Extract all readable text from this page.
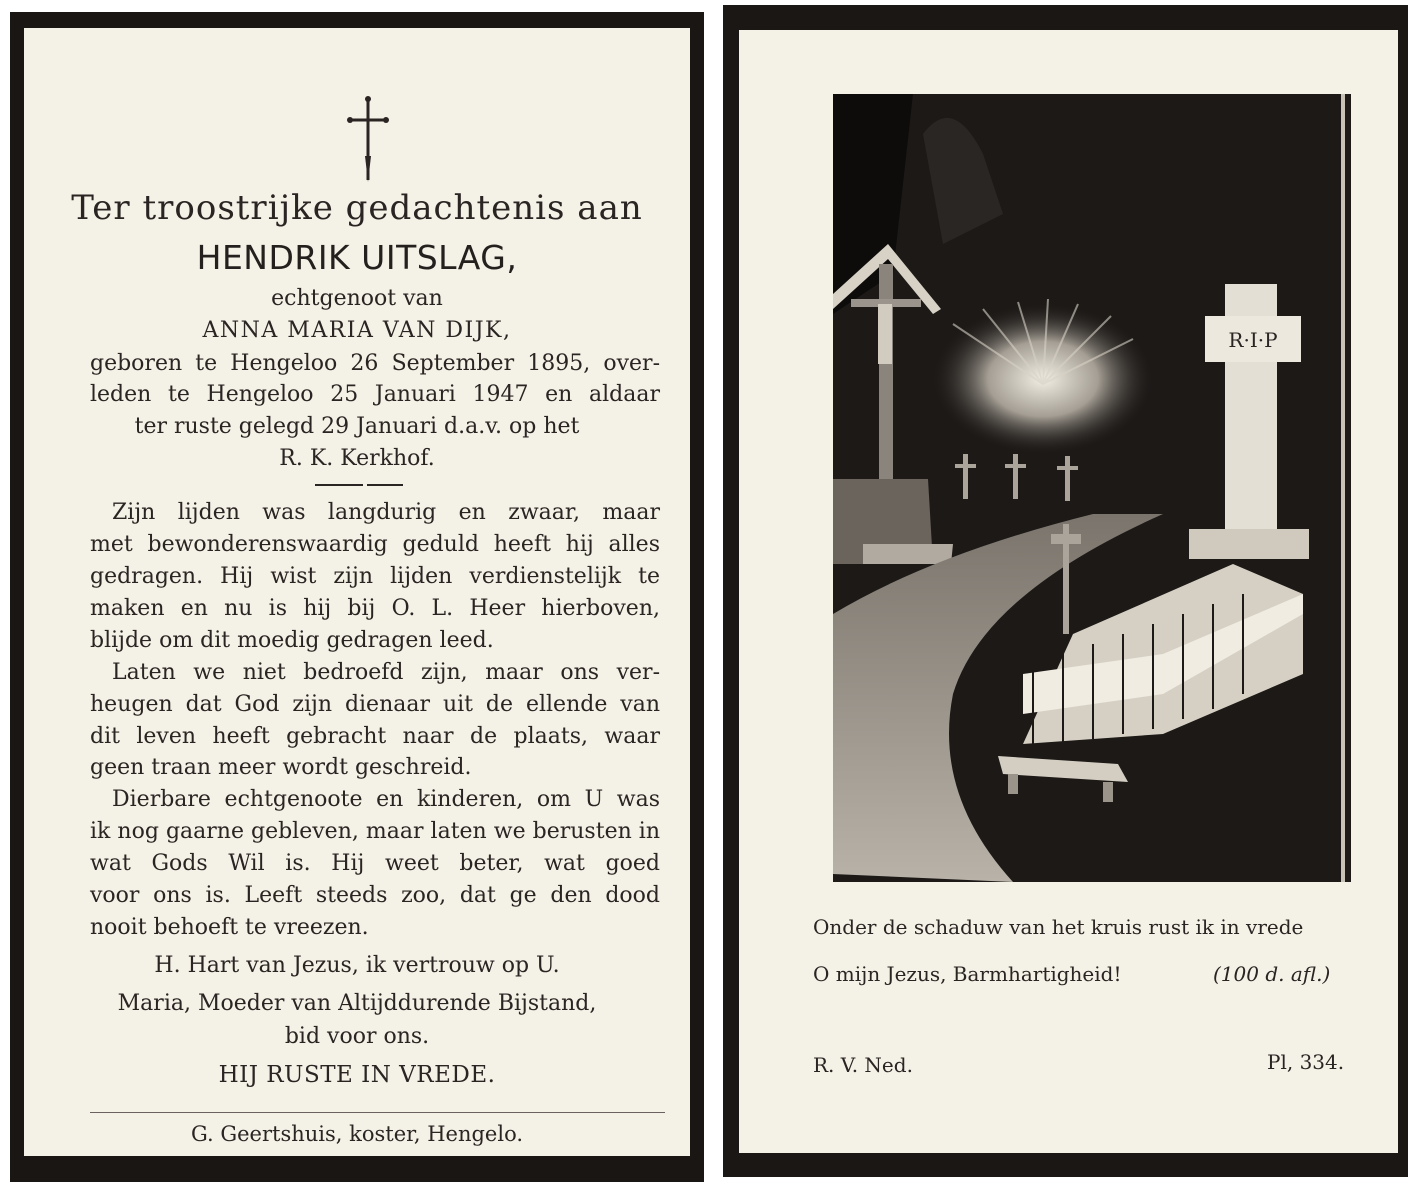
Ter troostrijke gedachtenis aan
HENDRIK UITSLAG,
echtgenoot van
ANNA MARIA VAN DIJK,
geboren te Hengeloo 26 September 1895, over-
leden te Hengeloo 25 Januari 1947 en aldaar
ter ruste gelegd 29 Januari d.a.v. op het
R. K. Kerkhof.
Zijn lijden was langdurig en zwaar, maar
met bewonderenswaardig geduld heeft hij alles
gedragen. Hij wist zijn lijden verdienstelijk te
maken en nu is hij bij O. L. Heer hierboven,
blijde om dit moedig gedragen leed.
Laten we niet bedroefd zijn, maar ons ver-
heugen dat God zijn dienaar uit de ellende van
dit leven heeft gebracht naar de plaats, waar
geen traan meer wordt geschreid.
Dierbare echtgenoote en kinderen, om U was
ik nog gaarne gebleven, maar laten we berusten in
wat Gods Wil is. Hij weet beter, wat goed
voor ons is. Leeft steeds zoo, dat ge den dood
nooit behoeft te vreezen.
H. Hart van Jezus, ik vertrouw op U.
Maria, Moeder van Altijddurende Bijstand,
bid voor ons.
HIJ RUSTE IN VREDE.
G. Geertshuis, koster, Hengelo.
R·I·P
Onder de schaduw van het kruis rust ik in vrede
O mijn Jezus, Barmhartigheid!	(100 d. afl.)
R. V. Ned.	Pl, 334.
